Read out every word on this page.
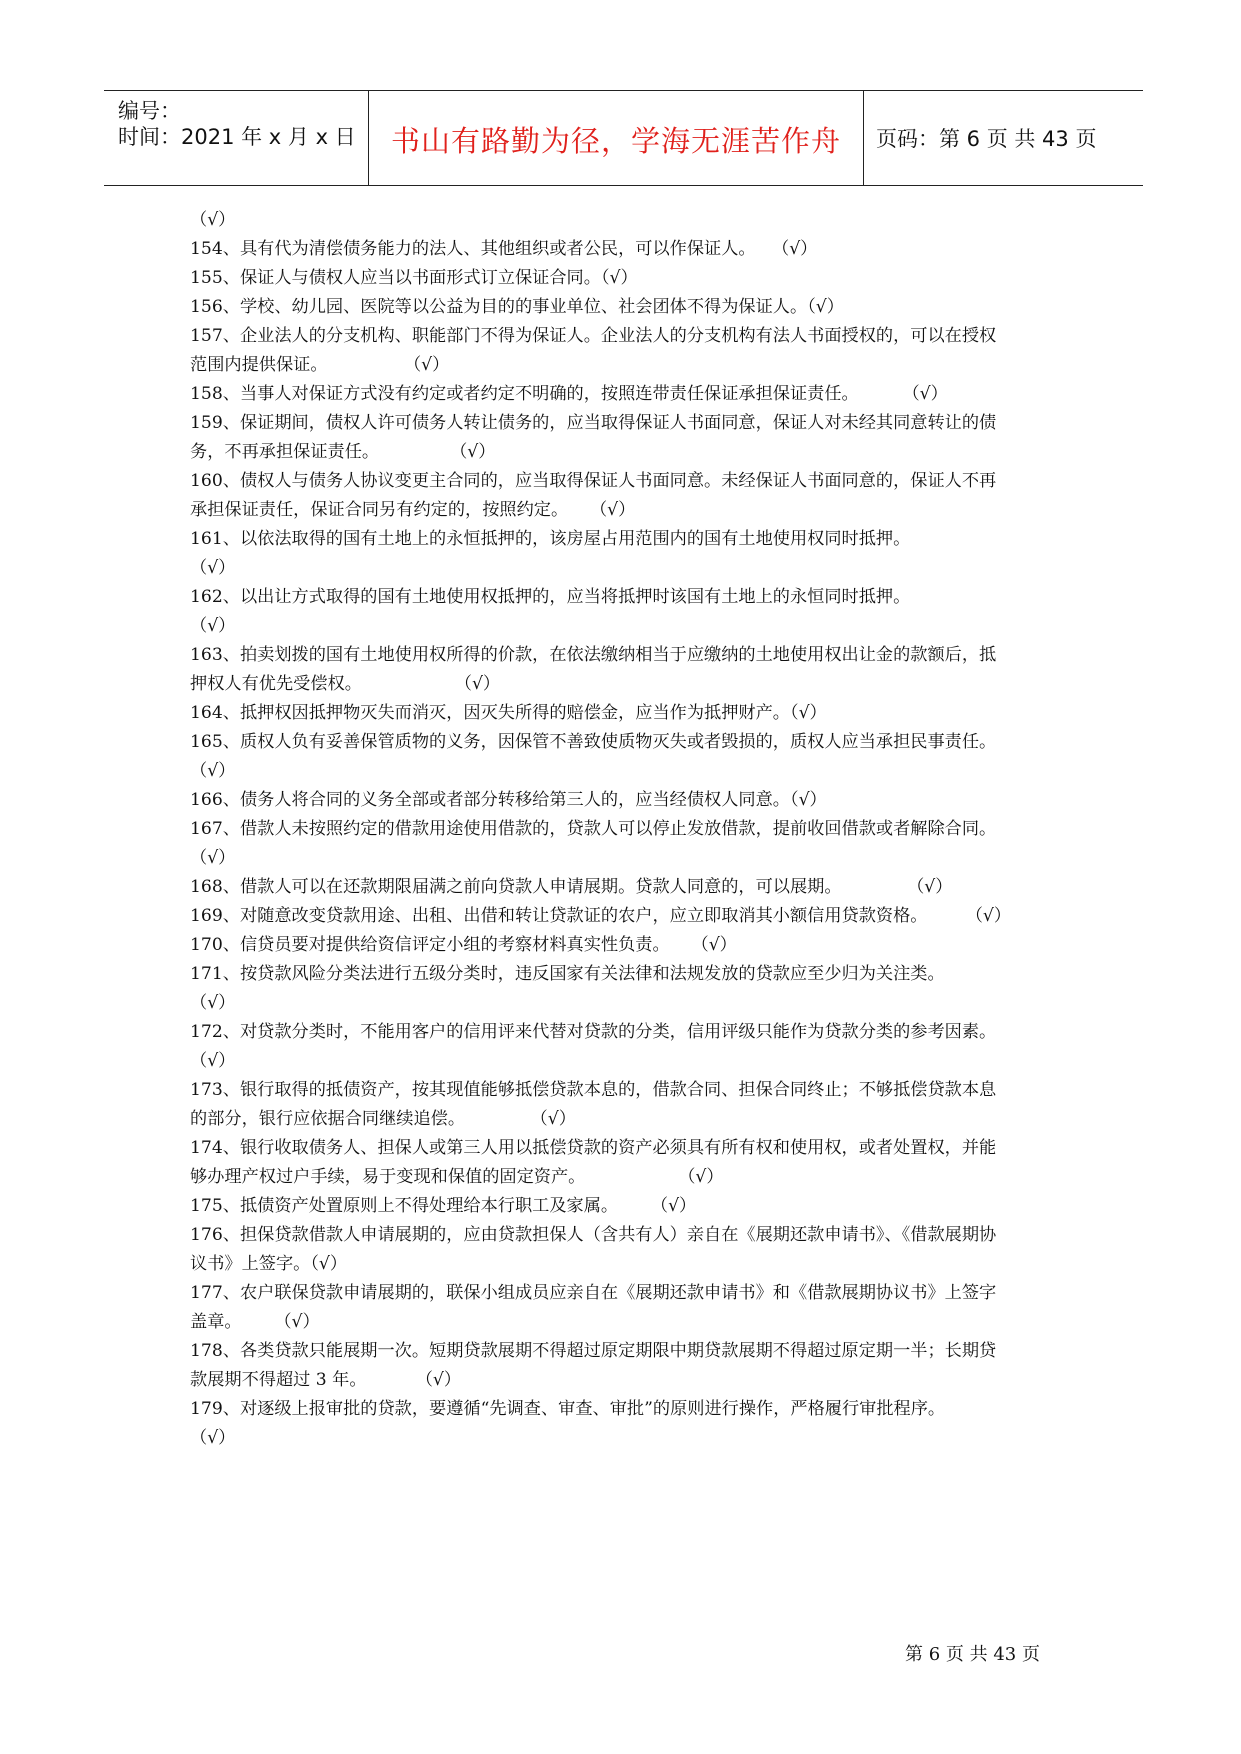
编号：
时间：2021 年 x 月 x 日	书山有路勤为径，学海无涯苦作舟	页码：第 6 页 共 43 页
（√）
154、具有代为清偿债务能力的法人、其他组织或者公民，可以作保证人。   （√）
155、保证人与债权人应当以书面形式订立保证合同。（√）
156、学校、幼儿园、医院等以公益为目的的事业单位、社会团体不得为保证人。（√）
157、企业法人的分支机构、职能部门不得为保证人。企业法人的分支机构有法人书面授权的，可以在授权
范围内提供保证。              （√）
158、当事人对保证方式没有约定或者约定不明确的，按照连带责任保证承担保证责任。        （√）
159、保证期间，债权人许可债务人转让债务的，应当取得保证人书面同意，保证人对未经其同意转让的债
务，不再承担保证责任。             （√）
160、债权人与债务人协议变更主合同的，应当取得保证人书面同意。未经保证人书面同意的，保证人不再
承担保证责任，保证合同另有约定的，按照约定。    （√）
161、以依法取得的国有土地上的永恒抵押的，该房屋占用范围内的国有土地使用权同时抵押。
（√）
162、以出让方式取得的国有土地使用权抵押的，应当将抵押时该国有土地上的永恒同时抵押。
（√）
163、拍卖划拨的国有土地使用权所得的价款，在依法缴纳相当于应缴纳的土地使用权出让金的款额后，抵
押权人有优先受偿权。                 （√）
164、抵押权因抵押物灭失而消灭，因灭失所得的赔偿金，应当作为抵押财产。（√）
165、质权人负有妥善保管质物的义务，因保管不善致使质物灭失或者毁损的，质权人应当承担民事责任。
（√）
166、债务人将合同的义务全部或者部分转移给第三人的，应当经债权人同意。（√）
167、借款人未按照约定的借款用途使用借款的，贷款人可以停止发放借款，提前收回借款或者解除合同。
（√）
168、借款人可以在还款期限届满之前向贷款人申请展期。贷款人同意的，可以展期。            （√）
169、对随意改变贷款用途、出租、出借和转让贷款证的农户，应立即取消其小额信用贷款资格。       （√）
170、信贷员要对提供给资信评定小组的考察材料真实性负责。    （√）
171、按贷款风险分类法进行五级分类时，违反国家有关法律和法规发放的贷款应至少归为关注类。
（√）
172、对贷款分类时，不能用客户的信用评来代替对贷款的分类，信用评级只能作为贷款分类的参考因素。
（√）
173、银行取得的抵债资产，按其现值能够抵偿贷款本息的，借款合同、担保合同终止；不够抵偿贷款本息
的部分，银行应依据合同继续追偿。            （√）
174、银行收取债务人、担保人或第三人用以抵偿贷款的资产必须具有所有权和使用权，或者处置权，并能
够办理产权过户手续，易于变现和保值的固定资产。                 （√）
175、抵债资产处置原则上不得处理给本行职工及家属。      （√）
176、担保贷款借款人申请展期的，应由贷款担保人（含共有人）亲自在《展期还款申请书》、《借款展期协
议书》上签字。（√）
177、农户联保贷款申请展期的，联保小组成员应亲自在《展期还款申请书》和《借款展期协议书》上签字
盖章。      （√）
178、各类贷款只能展期一次。短期贷款展期不得超过原定期限中期贷款展期不得超过原定期一半；长期贷
款展期不得超过 3 年。         （√）
179、对逐级上报审批的贷款，要遵循“先调查、审查、审批”的原则进行操作，严格履行审批程序。
（√）
第 6 页 共 43 页
